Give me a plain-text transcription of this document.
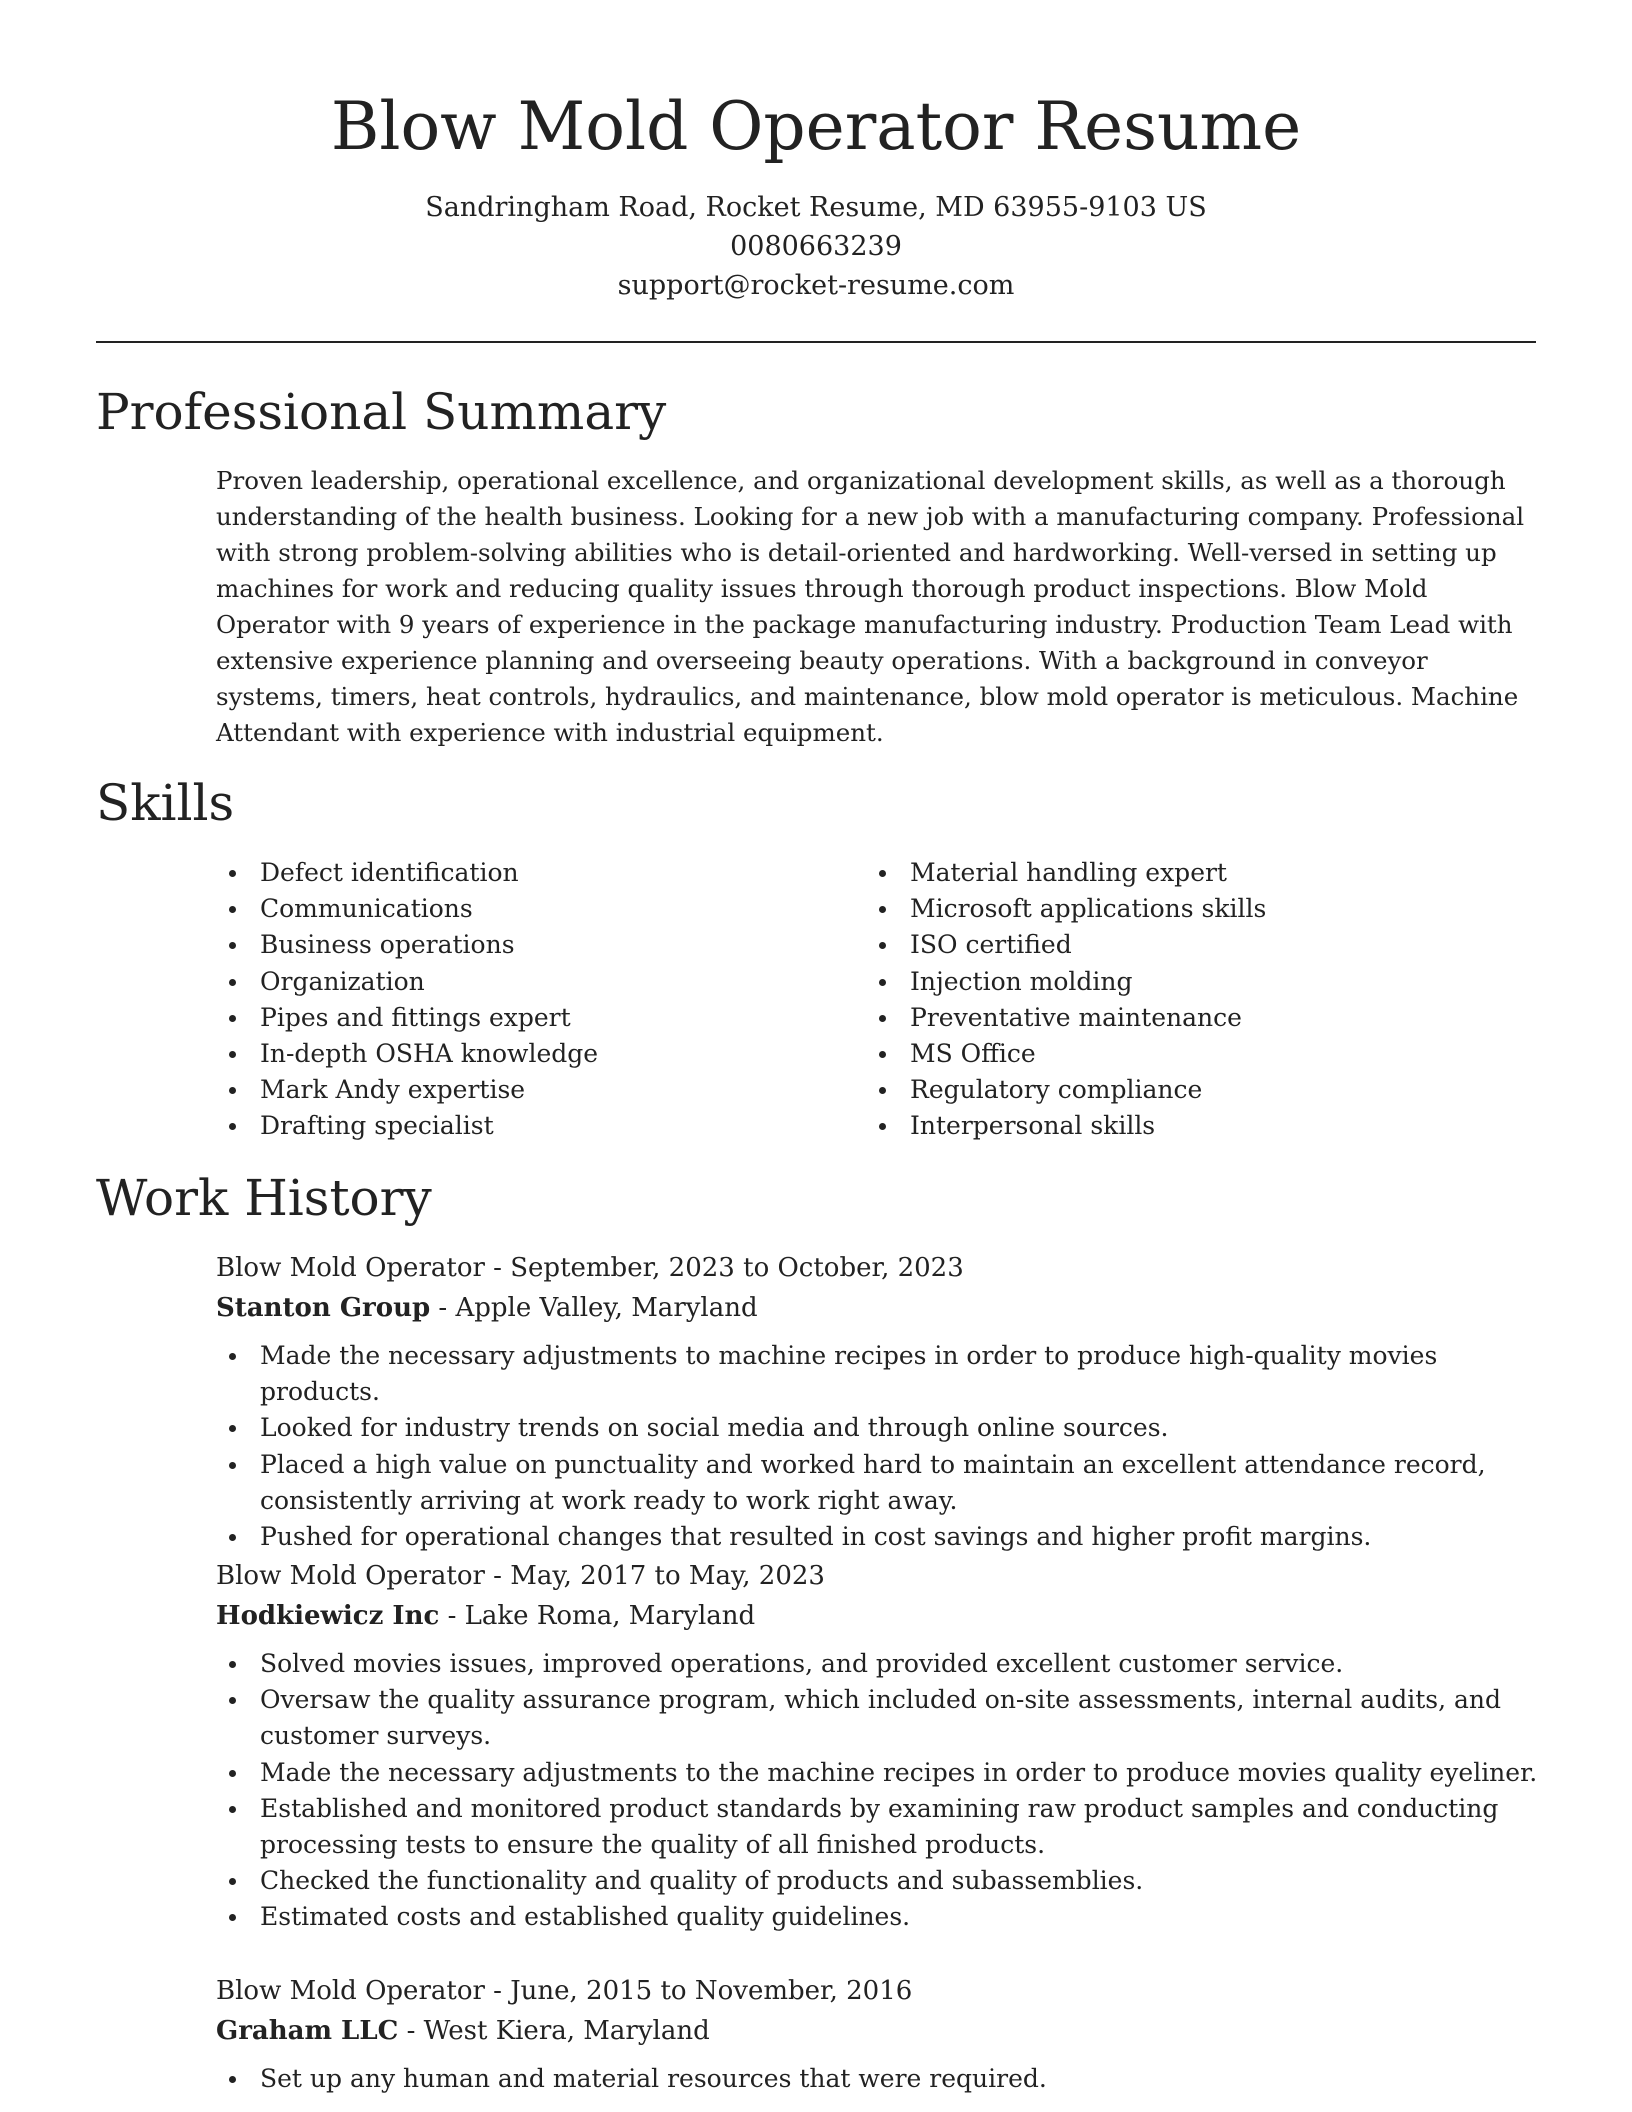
Blow Mold Operator Resume
Sandringham Road, Rocket Resume, MD 63955-9103 US
0080663239
support@rocket-resume.com
Professional Summary

Proven leadership, operational excellence, and organizational development skills, as well as a thorough understanding of the health business. Looking for a new job with a manufacturing company. Professional with strong problem-solving abilities who is detail-oriented and hardworking. Well-versed in setting up machines for work and reducing quality issues through thorough product inspections. Blow Mold Operator with 9 years of experience in the package manufacturing industry. Production Team Lead with extensive experience planning and overseeing beauty operations. With a background in conveyor systems, timers, heat controls, hydraulics, and maintenance, blow mold operator is meticulous. Machine Attendant with experience with industrial equipment.

Skills
Defect identification
Communications
Business operations
Organization
Pipes and fittings expert
In-depth OSHA knowledge
Mark Andy expertise
Drafting specialist
Material handling expert
Microsoft applications skills
ISO certified
Injection molding
Preventative maintenance
MS Office
Regulatory compliance
Interpersonal skills
Work History
Blow Mold Operator - September, 2023 to October, 2023
Stanton Group - Apple Valley, Maryland
Made the necessary adjustments to machine recipes in order to produce high-quality movies products.
Looked for industry trends on social media and through online sources.
Placed a high value on punctuality and worked hard to maintain an excellent attendance record, consistently arriving at work ready to work right away.
Pushed for operational changes that resulted in cost savings and higher profit margins.
Blow Mold Operator - May, 2017 to May, 2023
Hodkiewicz Inc - Lake Roma, Maryland
Solved movies issues, improved operations, and provided excellent customer service.
Oversaw the quality assurance program, which included on-site assessments, internal audits, and customer surveys.
Made the necessary adjustments to the machine recipes in order to produce movies quality eyeliner.
Established and monitored product standards by examining raw product samples and conducting processing tests to ensure the quality of all finished products.
Checked the functionality and quality of products and subassemblies.
Estimated costs and established quality guidelines.
Blow Mold Operator - June, 2015 to November, 2016
Graham LLC - West Kiera, Maryland
Set up any human and material resources that were required.
